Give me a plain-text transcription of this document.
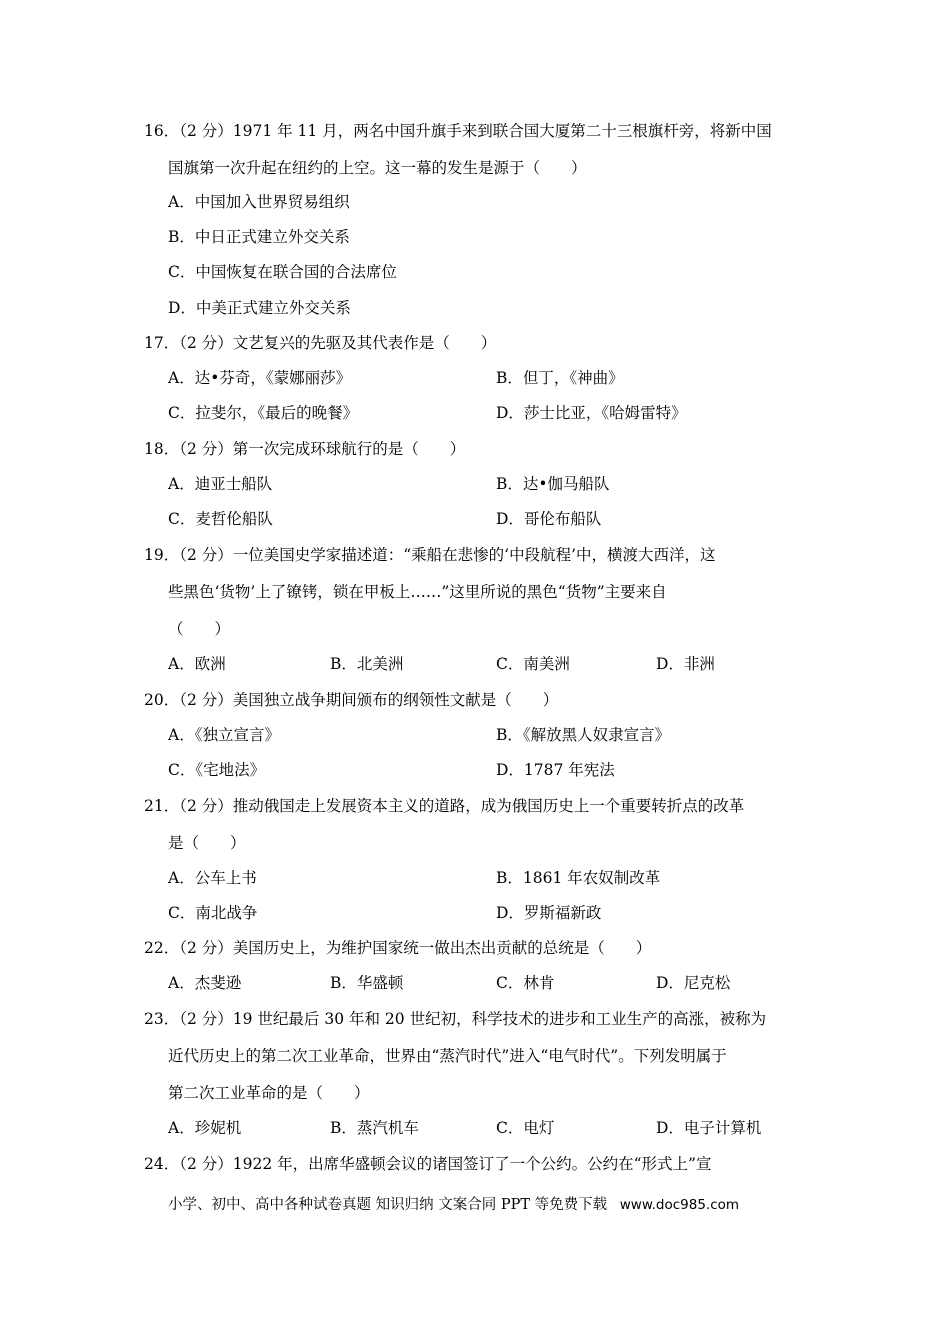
16．（2 分）1971 年 11 月，两名中国升旗手来到联合国大厦第二十三根旗杆旁，将新中国
国旗第一次升起在纽约的上空。这一幕的发生是源于（　　）
A．中国加入世界贸易组织
B．中日正式建立外交关系
C．中国恢复在联合国的合法席位
D．中美正式建立外交关系
17．（2 分）文艺复兴的先驱及其代表作是（　　）
A．达•芬奇，《蒙娜丽莎》	B．但丁，《神曲》
C．拉斐尔，《最后的晚餐》	D．莎士比亚，《哈姆雷特》
18．（2 分）第一次完成环球航行的是（　　）
A．迪亚士船队	B．达•伽马船队
C．麦哲伦船队	D．哥伦布船队
19．（2 分）一位美国史学家描述道：“乘船在悲惨的‘中段航程’中，横渡大西洋，这
些黑色‘货物’上了镣铐，锁在甲板上……”这里所说的黑色“货物”主要来自
（　　）
A．欧洲	B．北美洲	C．南美洲	D．非洲
20．（2 分）美国独立战争期间颁布的纲领性文献是（　　）
A．《独立宣言》	B．《解放黑人奴隶宣言》
C．《宅地法》	D．1787 年宪法
21．（2 分）推动俄国走上发展资本主义的道路，成为俄国历史上一个重要转折点的改革
是（　　）
A．公车上书	B．1861 年农奴制改革
C．南北战争	D．罗斯福新政
22．（2 分）美国历史上，为维护国家统一做出杰出贡献的总统是（　　）
A．杰斐逊	B．华盛顿	C．林肯	D．尼克松
23．（2 分）19 世纪最后 30 年和 20 世纪初，科学技术的进步和工业生产的高涨，被称为
近代历史上的第二次工业革命，世界由“蒸汽时代”进入“电气时代”。下列发明属于
第二次工业革命的是（　　）
A．珍妮机	B．蒸汽机车	C．电灯	D．电子计算机
24．（2 分）1922 年，出席华盛顿会议的诸国签订了一个公约。公约在“形式上”宣
小学、初中、高中各种试卷真题 知识归纳 文案合同 PPT 等免费下载 www.doc985.com
